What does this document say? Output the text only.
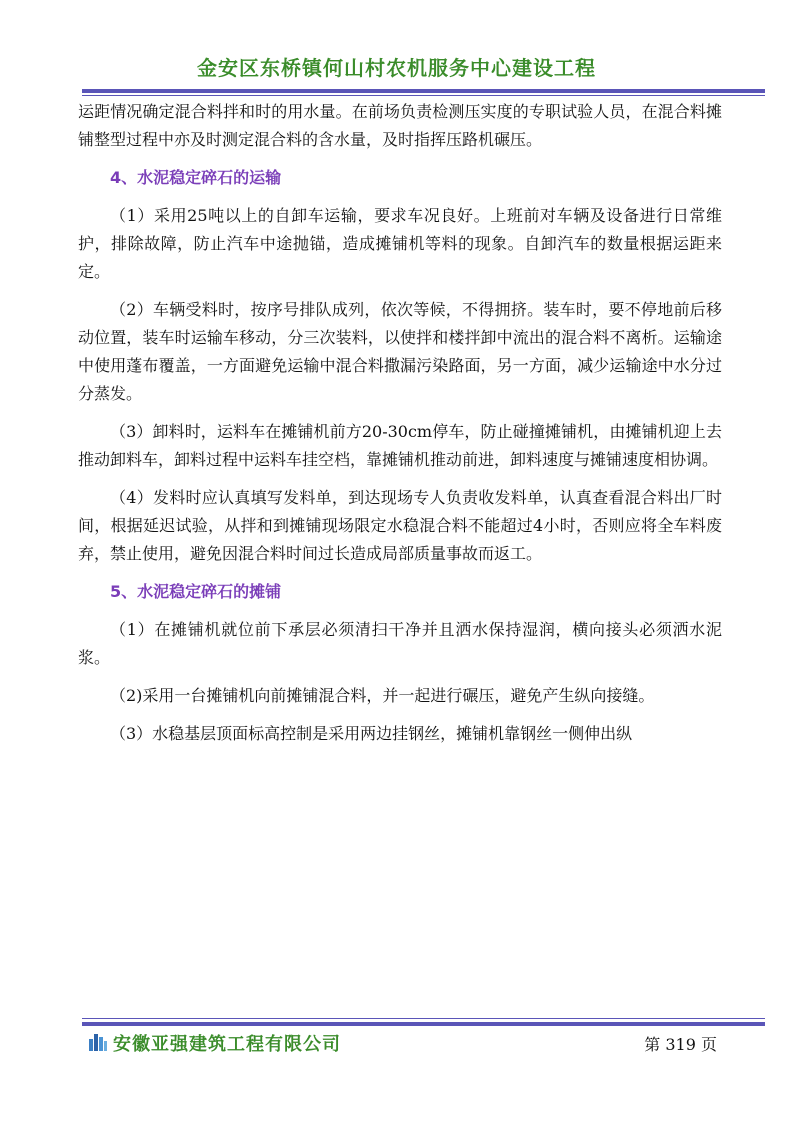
金安区东桥镇何山村农机服务中心建设工程

运距情况确定混合料拌和时的用水量。在前场负责检测压实度的专职试验人员，在混合料摊铺整型过程中亦及时测定混合料的含水量，及时指挥压路机碾压。

4、水泥稳定碎石的运输

（1）采用25吨以上的自卸车运输，要求车况良好。上班前对车辆及设备进行日常维护，排除故障，防止汽车中途抛锚，造成摊铺机等料的现象。自卸汽车的数量根据运距来定。

（2）车辆受料时，按序号排队成列，依次等候，不得拥挤。装车时，要不停地前后移动位置，装车时运输车移动，分三次装料，以使拌和楼拌卸中流出的混合料不离析。运输途中使用蓬布覆盖，一方面避免运输中混合料撒漏污染路面，另一方面，减少运输途中水分过分蒸发。

（3）卸料时，运料车在摊铺机前方20-30cm停车，防止碰撞摊铺机，由摊铺机迎上去推动卸料车，卸料过程中运料车挂空档，靠摊铺机推动前进，卸料速度与摊铺速度相协调。

（4）发料时应认真填写发料单，到达现场专人负责收发料单，认真查看混合料出厂时间，根据延迟试验，从拌和到摊铺现场限定水稳混合料不能超过4小时，否则应将全车料废弃，禁止使用，避免因混合料时间过长造成局部质量事故而返工。

5、水泥稳定碎石的摊铺

（1）在摊铺机就位前下承层必须清扫干净并且洒水保持湿润，横向接头必须洒水泥浆。

（2)采用一台摊铺机向前摊铺混合料，并一起进行碾压，避免产生纵向接缝。

（3）水稳基层顶面标高控制是采用两边挂钢丝，摊铺机靠钢丝一侧伸出纵

安徽亚强建筑工程有限公司	第 319 页
